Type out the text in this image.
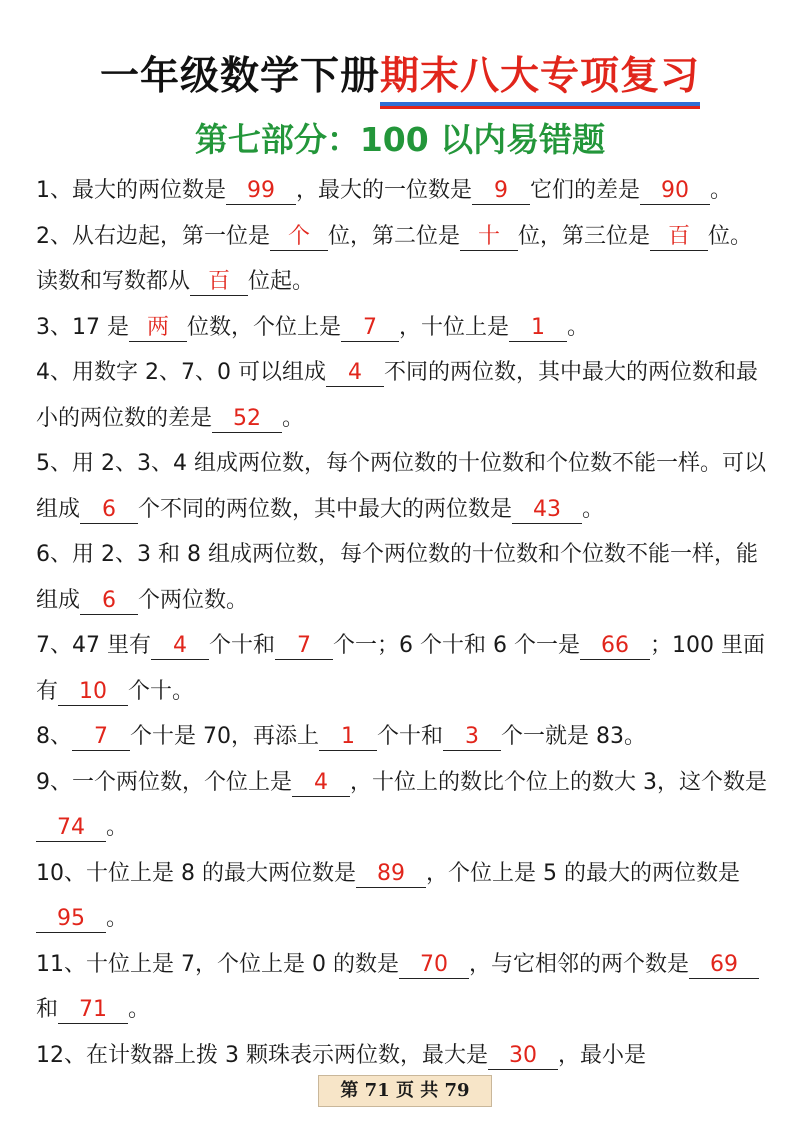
一年级数学下册期末八大专项复习
第七部分：100 以内易错题

1、最大的两位数是 99 ，最大的一位数是 9 它们的差是 90 。

2、从右边起，第一位是 个 位，第二位是 十 位，第三位是 百 位。读数和写数都从 百 位起。

3、17 是 两 位数，个位上是 7 ，十位上是 1 。

4、用数字 2、7、0 可以组成 4 不同的两位数，其中最大的两位数和最小的两位数的差是 52 。

5、用 2、3、4 组成两位数，每个两位数的十位数和个位数不能一样。可以组成 6 个不同的两位数，其中最大的两位数是 43 。

6、用 2、3 和 8 组成两位数，每个两位数的十位数和个位数不能一样，能组成 6 个两位数。

7、47 里有 4 个十和 7 个一；6 个十和 6 个一是 66 ；100 里面有 10 个十。

8、 7 个十是 70，再添上 1 个十和 3 个一就是 83。

9、一个两位数，个位上是 4 ，十位上的数比个位上的数大 3，这个数是74 。

10、十位上是 8 的最大两位数是 89 ，个位上是 5 的最大的两位数是95 。

11、十位上是 7，个位上是 0 的数是 70 ，与它相邻的两个数是 69和 71 。

12、在计数器上拨 3 颗珠表示两位数，最大是 30 ，最小是

第 71 页 共 79
